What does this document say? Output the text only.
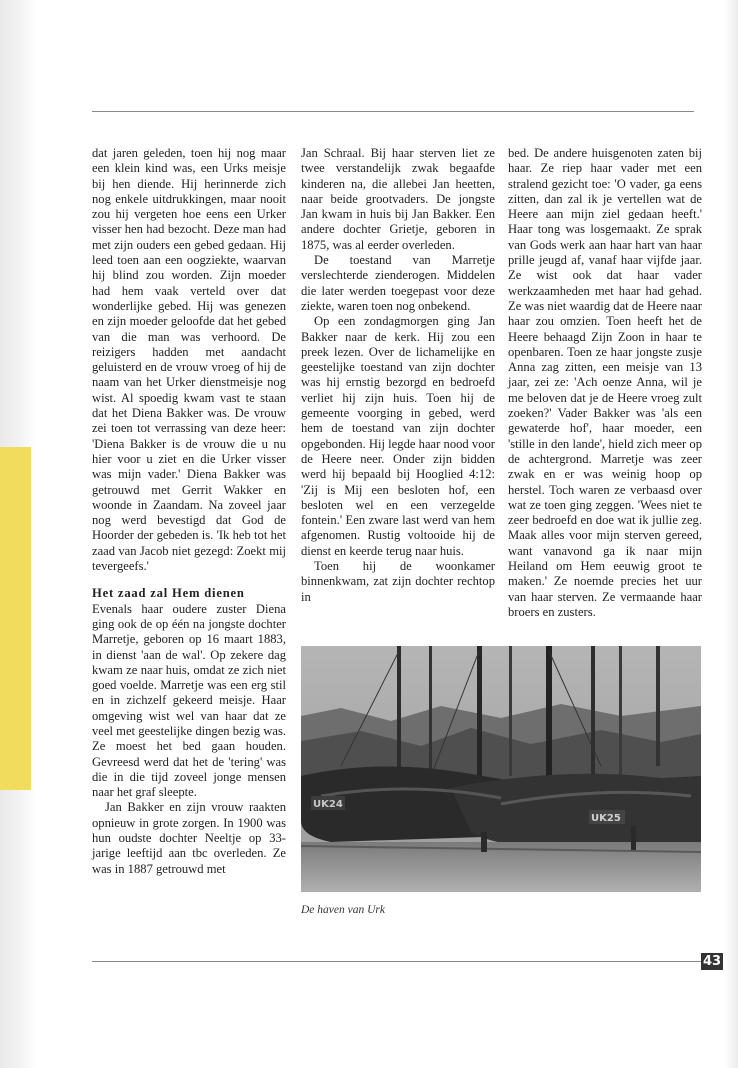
dat jaren geleden, toen hij nog maar een klein kind was, een Urks meisje bij hen diende. Hij herinnerde zich nog enkele uitdrukkingen, maar nooit zou hij vergeten hoe eens een Urker visser hen had bezocht. Deze man had met zijn ouders een gebed gedaan. Hij leed toen aan een oogziekte, waarvan hij blind zou worden. Zijn moeder had hem vaak verteld over dat wonderlijke gebed. Hij was genezen en zijn moeder geloofde dat het gebed van die man was verhoord. De reizigers hadden met aandacht geluisterd en de vrouw vroeg of hij de naam van het Urker dienstmeisje nog wist. Al spoedig kwam vast te staan dat het Diena Bakker was. De vrouw zei toen tot verrassing van deze heer: 'Diena Bakker is de vrouw die u nu hier voor u ziet en die Urker visser was mijn vader.' Diena Bakker was getrouwd met Gerrit Wakker en woonde in Zaandam. Na zoveel jaar nog werd bevestigd dat God de Hoorder der gebeden is. 'Ik heb tot het zaad van Jacob niet gezegd: Zoekt mij tevergeefs.'

Het zaad zal Hem dienen

Evenals haar oudere zuster Diena ging ook de op één na jongste dochter Marretje, geboren op 16 maart 1883, in dienst 'aan de wal'. Op zekere dag kwam ze naar huis, omdat ze zich niet goed voelde. Marretje was een erg stil en in zichzelf gekeerd meisje. Haar omgeving wist wel van haar dat ze veel met geestelijke dingen bezig was. Ze moest het bed gaan houden. Gevreesd werd dat het de 'tering' was die in die tijd zoveel jonge mensen naar het graf sleepte.

Jan Bakker en zijn vrouw raakten opnieuw in grote zorgen. In 1900 was hun oudste dochter Neeltje op 33-jarige leeftijd aan tbc overleden. Ze was in 1887 getrouwd met

Jan Schraal. Bij haar sterven liet ze twee verstandelijk zwak begaafde kinderen na, die allebei Jan heetten, naar beide grootvaders. De jongste Jan kwam in huis bij Jan Bakker. Een andere dochter Grietje, geboren in 1875, was al eerder overleden.

De toestand van Marretje verslechterde zienderogen. Middelen die later werden toegepast voor deze ziekte, waren toen nog onbekend.

Op een zondagmorgen ging Jan Bakker naar de kerk. Hij zou een preek lezen. Over de lichamelijke en geestelijke toestand van zijn dochter was hij ernstig bezorgd en bedroefd verliet hij zijn huis. Toen hij de gemeente voorging in gebed, werd hem de toestand van zijn dochter opgebonden. Hij legde haar nood voor de Heere neer. Onder zijn bidden werd hij bepaald bij Hooglied 4:12: 'Zij is Mij een besloten hof, een besloten wel en een verzegelde fontein.' Een zware last werd van hem afgenomen. Rustig voltooide hij de dienst en keerde terug naar huis.

Toen hij de woonkamer binnenkwam, zat zijn dochter rechtop in

bed. De andere huisgenoten zaten bij haar. Ze riep haar vader met een stralend gezicht toe: 'O vader, ga eens zitten, dan zal ik je vertellen wat de Heere aan mijn ziel gedaan heeft.' Haar tong was losgemaakt. Ze sprak van Gods werk aan haar hart van haar prille jeugd af, vanaf haar vijfde jaar. Ze wist ook dat haar vader werkzaamheden met haar had gehad. Ze was niet waardig dat de Heere naar haar zou omzien. Toen heeft het de Heere behaagd Zijn Zoon in haar te openbaren. Toen ze haar jongste zusje Anna zag zitten, een meisje van 13 jaar, zei ze: 'Ach oenze Anna, wil je me beloven dat je de Heere vroeg zult zoeken?' Vader Bakker was 'als een gewaterde hof', haar moeder, een 'stille in den lande', hield zich meer op de achtergrond. Marretje was zeer zwak en er was weinig hoop op herstel. Toch waren ze verbaasd over wat ze toen ging zeggen. 'Wees niet te zeer bedroefd en doe wat ik jullie zeg. Maak alles voor mijn sterven gereed, want vanavond ga ik naar mijn Heiland om Hem eeuwig groot te maken.' Ze noemde precies het uur van haar sterven. Ze vermaande haar broers en zusters.

UK24
UK25
De haven van Urk
43
